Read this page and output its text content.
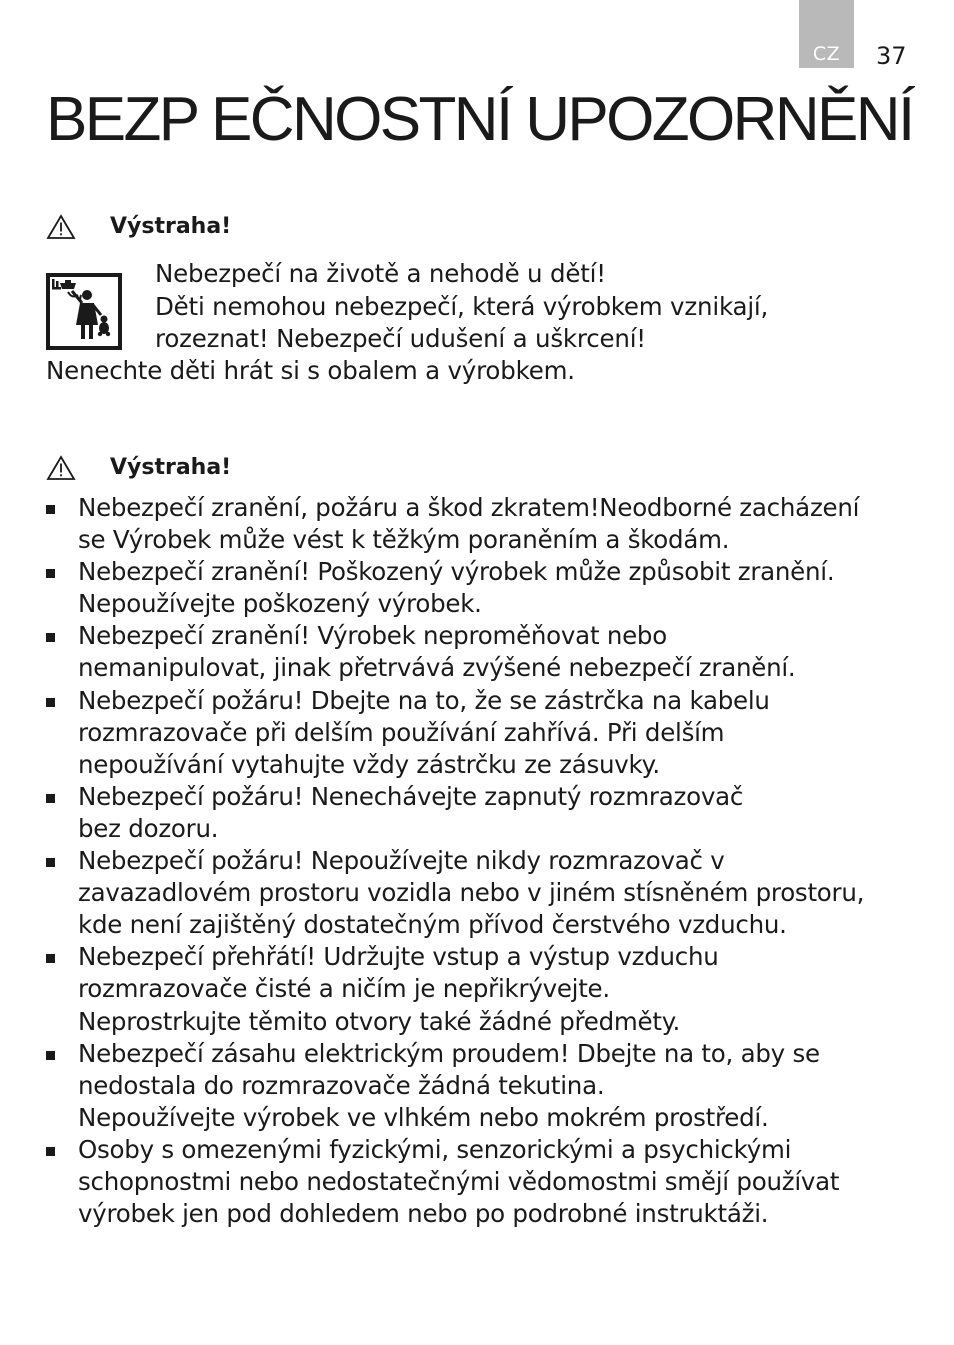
CZ 37
BEZP EČNOSTNÍ UPOZORNĚNÍ
Výstraha!
Nebezpečí na životě a nehodě u dětí!
Děti nemohou nebezpečí, která výrobkem vznikají,
rozeznat! Nebezpečí udušení a uškrcení!
Nenechte děti hrát si s obalem a výrobkem.
Výstraha!
Nebezpečí zranění, požáru a škod zkratem!Neodborné zacházení
se Výrobek může vést k těžkým poraněním a škodám.
Nebezpečí zranění! Poškozený výrobek může způsobit zranění.
Nepoužívejte poškozený výrobek.
Nebezpečí zranění! Výrobek neproměňovat nebo
nemanipulovat, jinak přetrvává zvýšené nebezpečí zranění.
Nebezpečí požáru! Dbejte na to, že se zástrčka na kabelu
rozmrazovače při delším používání zahřívá. Při delším
nepoužívání vytahujte vždy zástrčku ze zásuvky.
Nebezpečí požáru! Nenechávejte zapnutý rozmrazovač
bez dozoru.
Nebezpečí požáru! Nepoužívejte nikdy rozmrazovač v
zavazadlovém prostoru vozidla nebo v jiném stísněném prostoru,
kde není zajištěný dostatečným přívod čerstvého vzduchu.
Nebezpečí přehřátí! Udržujte vstup a výstup vzduchu
rozmrazovače čisté a ničím je nepřikrývejte.
Neprostrkujte těmito otvory také žádné předměty.
Nebezpečí zásahu elektrickým proudem! Dbejte na to, aby se
nedostala do rozmrazovače žádná tekutina.
Nepoužívejte výrobek ve vlhkém nebo mokrém prostředí.
Osoby s omezenými fyzickými, senzorickými a psychickými
schopnostmi nebo nedostatečnými vědomostmi smějí používat
výrobek jen pod dohledem nebo po podrobné instruktáži.
